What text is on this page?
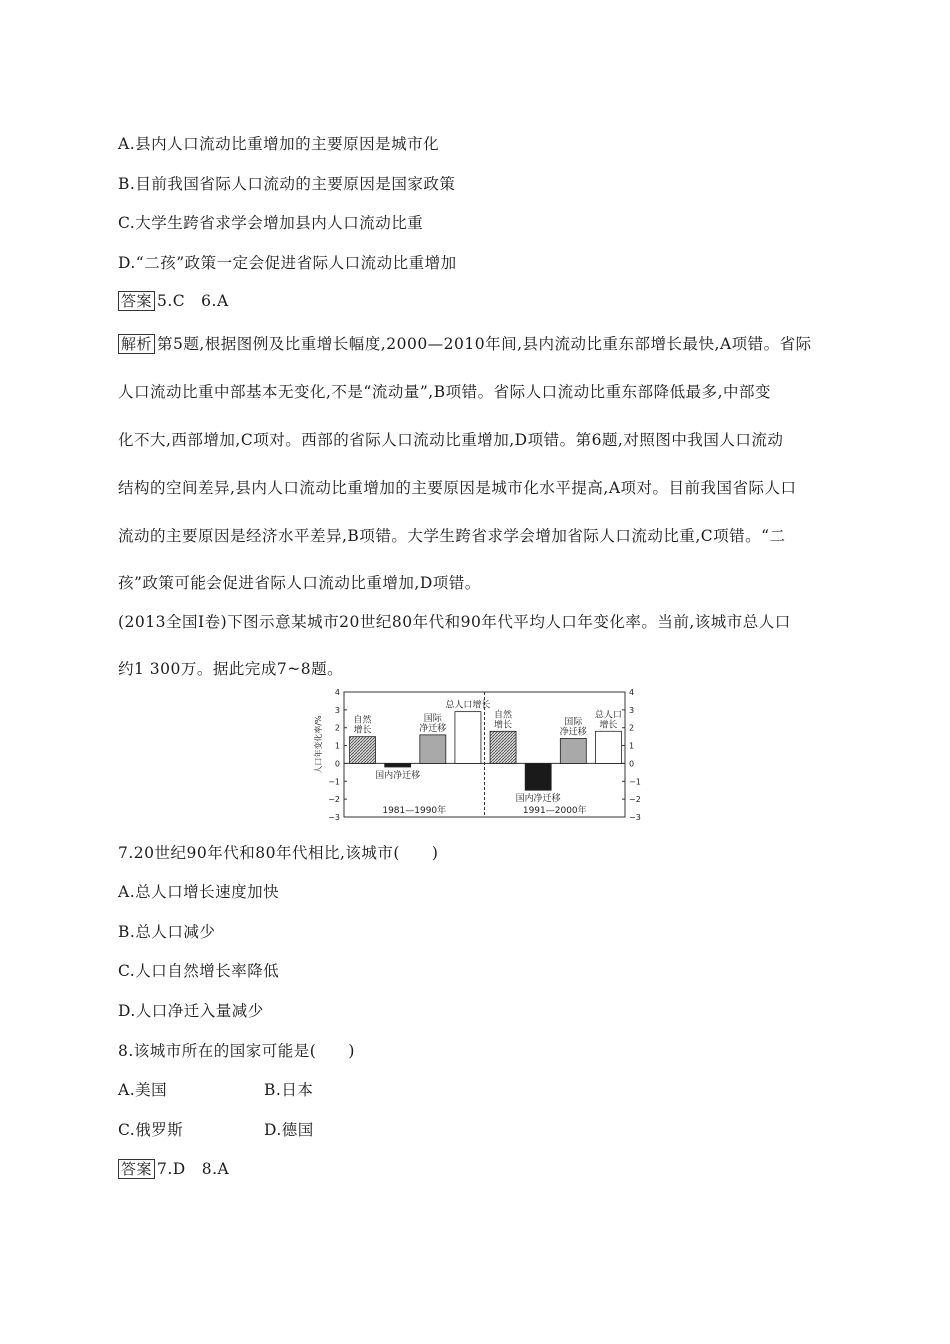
A.县内人口流动比重增加的主要原因是城市化
B.目前我国省际人口流动的主要原因是国家政策
C.大学生跨省求学会增加县内人口流动比重
D.“二孩”政策一定会促进省际人口流动比重增加
答案 5.C　6.A
解析 第5题,根据图例及比重增长幅度,2000—2010年间,县内流动比重东部增长最快,A项错。省际
人口流动比重中部基本无变化,不是“流动量”,B项错。省际人口流动比重东部降低最多,中部变
化不大,西部增加,C项对。西部的省际人口流动比重增加,D项错。第6题,对照图中我国人口流动
结构的空间差异,县内人口流动比重增加的主要原因是城市化水平提高,A项对。目前我国省际人口
流动的主要原因是经济水平差异,B项错。大学生跨省求学会增加省际人口流动比重,C项错。“二
孩”政策可能会促进省际人口流动比重增加,D项错。
(2013全国Ⅰ卷)下图示意某城市20世纪80年代和90年代平均人口年变化率。当前,该城市总人口
约1 300万。据此完成7~8题。
4	4
3	3
2	2
1	1
0	0
−1	−1
−2	−2
−3	−3
人口年变化率/%	自然
增长
国内净迁移
国际
净迁移
总人口增长
1981—1990年
自然
增长
国内净迁移
国际
净迁移
总人口
增长
1991—2000年
7.20世纪90年代和80年代相比,该城市(　　)
A.总人口增长速度加快
B.总人口减少
C.人口自然增长率降低
D.人口净迁入量减少
8.该城市所在的国家可能是(　　)
A.美国	B.日本
C.俄罗斯	D.德国
答案 7.D　8.A
